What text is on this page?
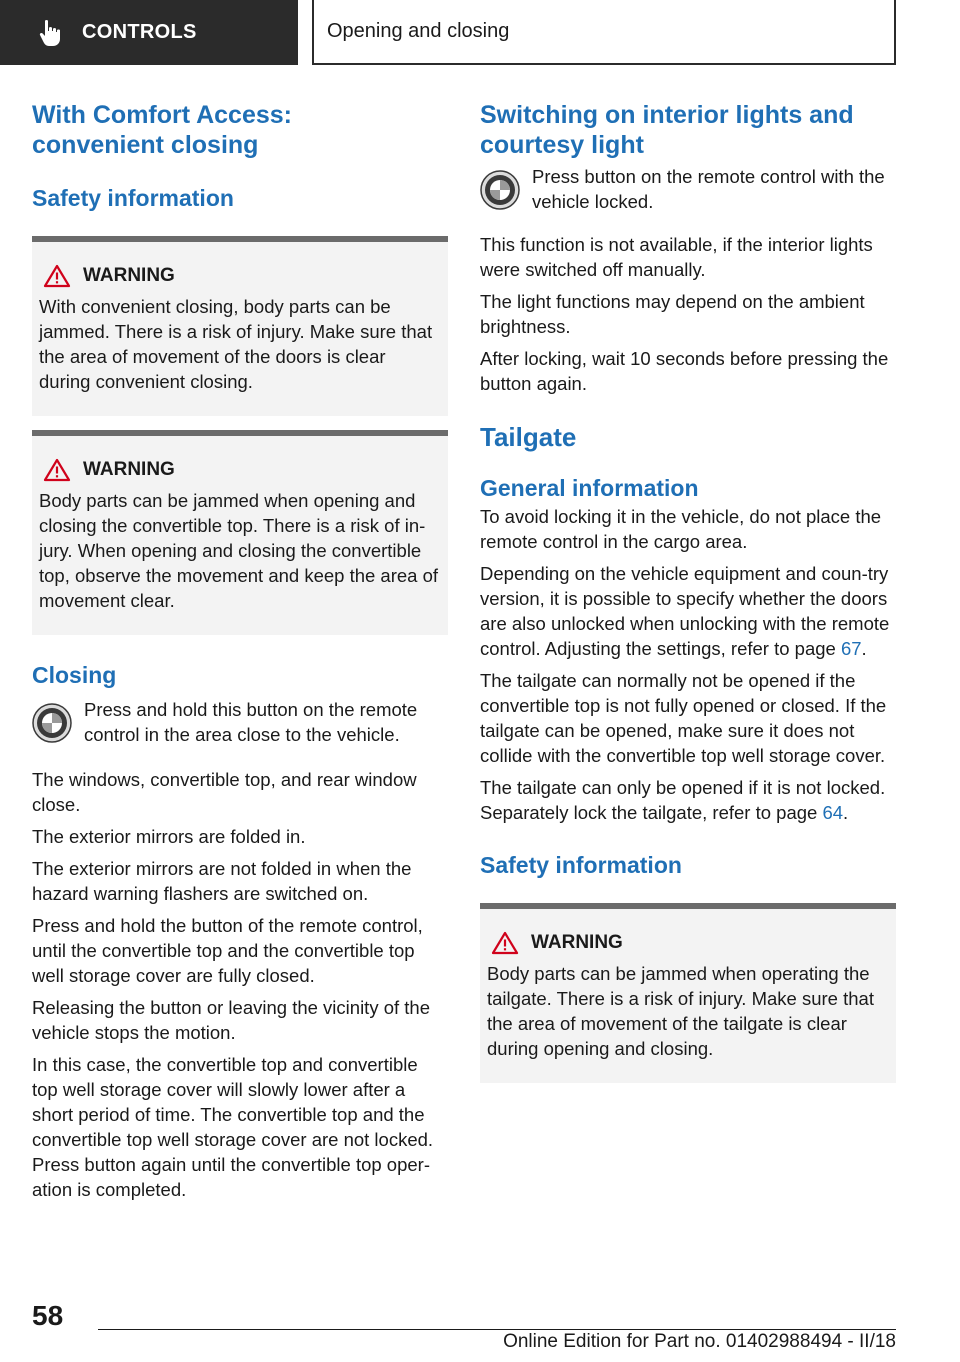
CONTROLS	Opening and closing
With Comfort Access: convenient closing
Safety information
WARNING

With convenient closing, body parts can be jammed. There is a risk of injury. Make sure that the area of movement of the doors is clear during convenient closing.

WARNING

Body parts can be jammed when opening and closing the convertible top. There is a risk of in‐jury. When opening and closing the convertible top, observe the movement and keep the area of movement clear.

Closing

Press and hold this button on the remote control in the area close to the vehicle.

The windows, convertible top, and rear window close.

The exterior mirrors are folded in.

The exterior mirrors are not folded in when the hazard warning flashers are switched on.

Press and hold the button of the remote control, until the convertible top and the convertible top well storage cover are fully closed.

Releasing the button or leaving the vicinity of the vehicle stops the motion.

In this case, the convertible top and convertible top well storage cover will slowly lower after a short period of time. The convertible top and the convertible top well storage cover are not locked. Press button again until the convertible top oper‐ation is completed.

Switching on interior lights and courtesy light

Press button on the remote control with the vehicle locked.

This function is not available, if the interior lights were switched off manually.

The light functions may depend on the ambient brightness.

After locking, wait 10 seconds before pressing the button again.

Tailgate
General information

To avoid locking it in the vehicle, do not place the remote control in the cargo area.

Depending on the vehicle equipment and coun‐try version, it is possible to specify whether the doors are also unlocked when unlocking with the remote control. Adjusting the settings, refer to page 67.

The tailgate can normally not be opened if the convertible top is not fully opened or closed. If the tailgate can be opened, make sure it does not collide with the convertible top well storage cover.

The tailgate can only be opened if it is not locked. Separately lock the tailgate, refer to page 64.

Safety information
WARNING

Body parts can be jammed when operating the tailgate. There is a risk of injury. Make sure that the area of movement of the tailgate is clear during opening and closing.

58
Online Edition for Part no. 01402988494 - II/18
